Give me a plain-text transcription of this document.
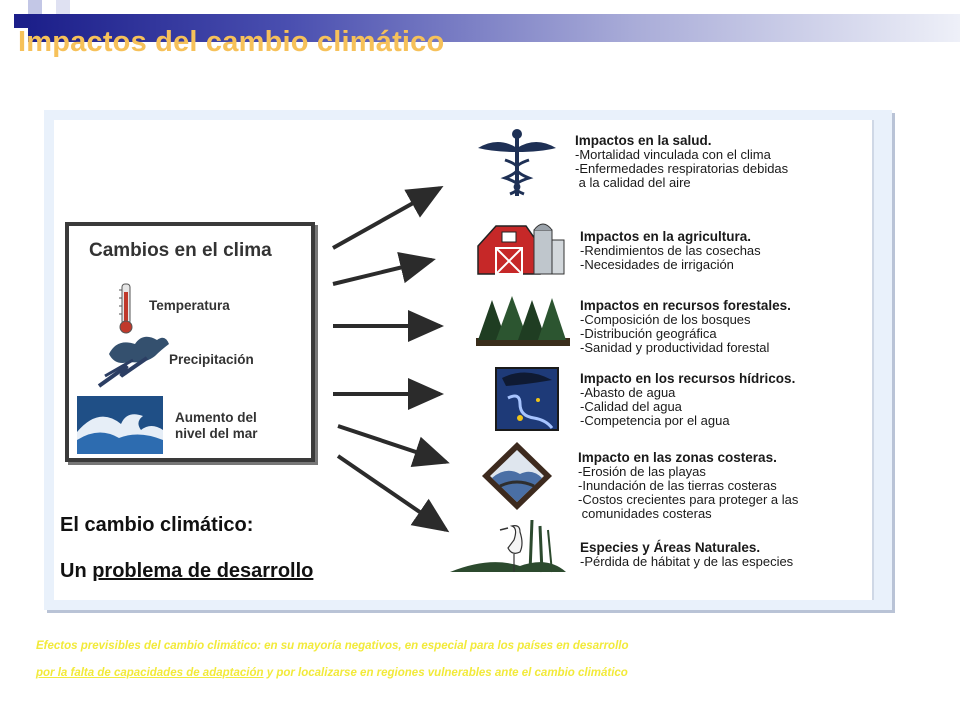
Impactos del cambio climático
Cambios en el clima
Temperatura
Precipitación
Aumento del
nivel del mar
Impactos en la salud.
-Mortalidad vinculada con el clima
-Enfermedades respiratorias debidas
a la calidad del aire
Impactos en la agricultura.
-Rendimientos de las cosechas
-Necesidades de irrigación
Impactos en recursos forestales.
-Composición de los bosques
-Distribución geográfica
-Sanidad y productividad forestal
Impacto en los recursos hídricos.
-Abasto de agua
-Calidad del agua
-Competencia por el agua
Impacto en las zonas costeras.
-Erosión de las playas
-Inundación de las tierras costeras
-Costos crecientes para proteger a las
comunidades costeras
Especies y Áreas Naturales.
-Pérdida de hábitat y de las especies
El cambio climático:
Un problema de desarrollo
Efectos previsibles del cambio climático: en su mayoría negativos, en especial para los países en desarrollo
por la falta de capacidades de adaptación y por localizarse en regiones vulnerables ante el cambio climático
